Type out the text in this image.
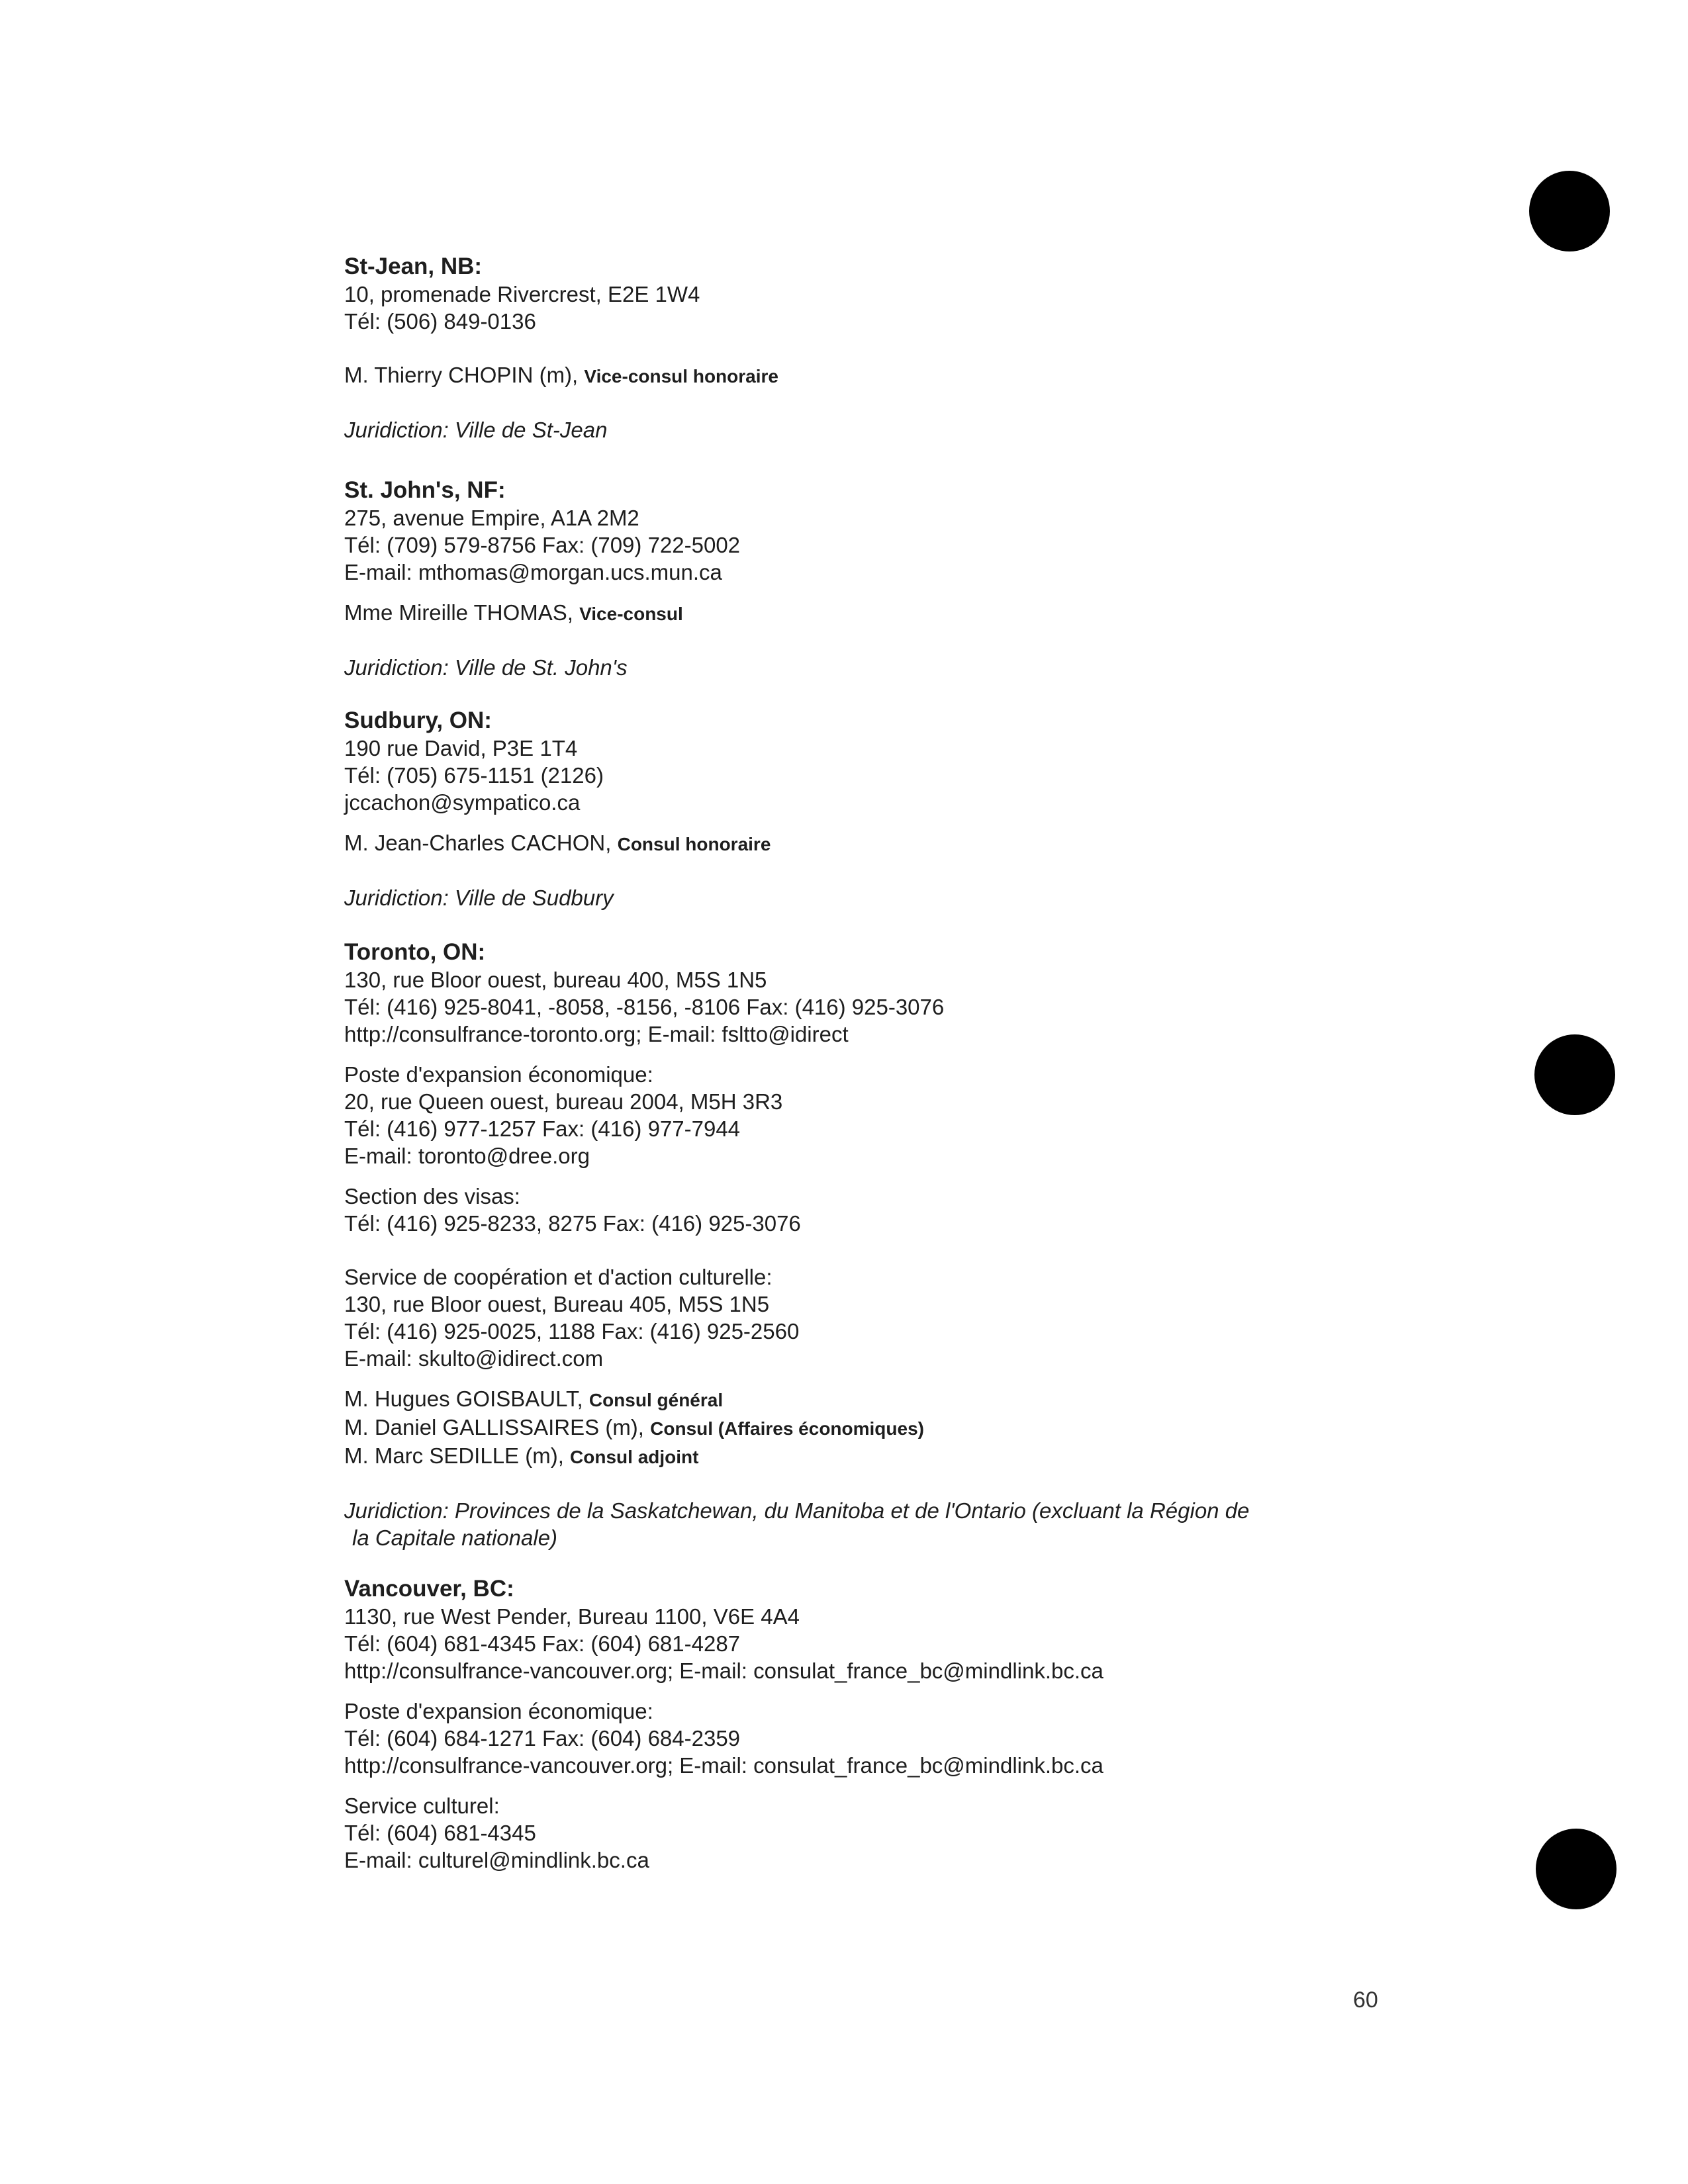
St-Jean, NB:

10, promenade Rivercrest, E2E 1W4

Tél: (506) 849-0136

M. Thierry CHOPIN (m), Vice-consul honoraire

Juridiction: Ville de St-Jean

St. John's, NF:

275, avenue Empire, A1A 2M2

Tél: (709) 579-8756 Fax: (709) 722-5002

E-mail: mthomas@morgan.ucs.mun.ca

Mme Mireille THOMAS, Vice-consul

Juridiction: Ville de St. John's

Sudbury, ON:

190 rue David, P3E 1T4

Tél: (705) 675-1151 (2126)

jccachon@sympatico.ca

M. Jean-Charles CACHON, Consul honoraire

Juridiction: Ville de Sudbury

Toronto, ON:

130, rue Bloor ouest, bureau 400, M5S 1N5

Tél: (416) 925-8041, -8058, -8156, -8106 Fax: (416) 925-3076

http://consulfrance-toronto.org; E-mail: fsltto@idirect

Poste d'expansion économique:

20, rue Queen ouest, bureau 2004, M5H 3R3

Tél: (416) 977-1257 Fax: (416) 977-7944

E-mail: toronto@dree.org

Section des visas:

Tél: (416) 925-8233, 8275 Fax: (416) 925-3076

Service de coopération et d'action culturelle:

130, rue Bloor ouest, Bureau 405, M5S 1N5

Tél: (416) 925-0025, 1188 Fax: (416) 925-2560

E-mail: skulto@idirect.com

M. Hugues GOISBAULT, Consul général

M. Daniel GALLISSAIRES (m), Consul (Affaires économiques)

M. Marc SEDILLE (m), Consul adjoint

Juridiction: Provinces de la Saskatchewan, du Manitoba et de l'Ontario (excluant la Région de

la Capitale nationale)

Vancouver, BC:

1130, rue West Pender, Bureau 1100, V6E 4A4

Tél: (604) 681-4345 Fax: (604) 681-4287

http://consulfrance-vancouver.org; E-mail: consulat_france_bc@mindlink.bc.ca

Poste d'expansion économique:

Tél: (604) 684-1271 Fax: (604) 684-2359

http://consulfrance-vancouver.org; E-mail: consulat_france_bc@mindlink.bc.ca

Service culturel:

Tél: (604) 681-4345

E-mail: culturel@mindlink.bc.ca

60
